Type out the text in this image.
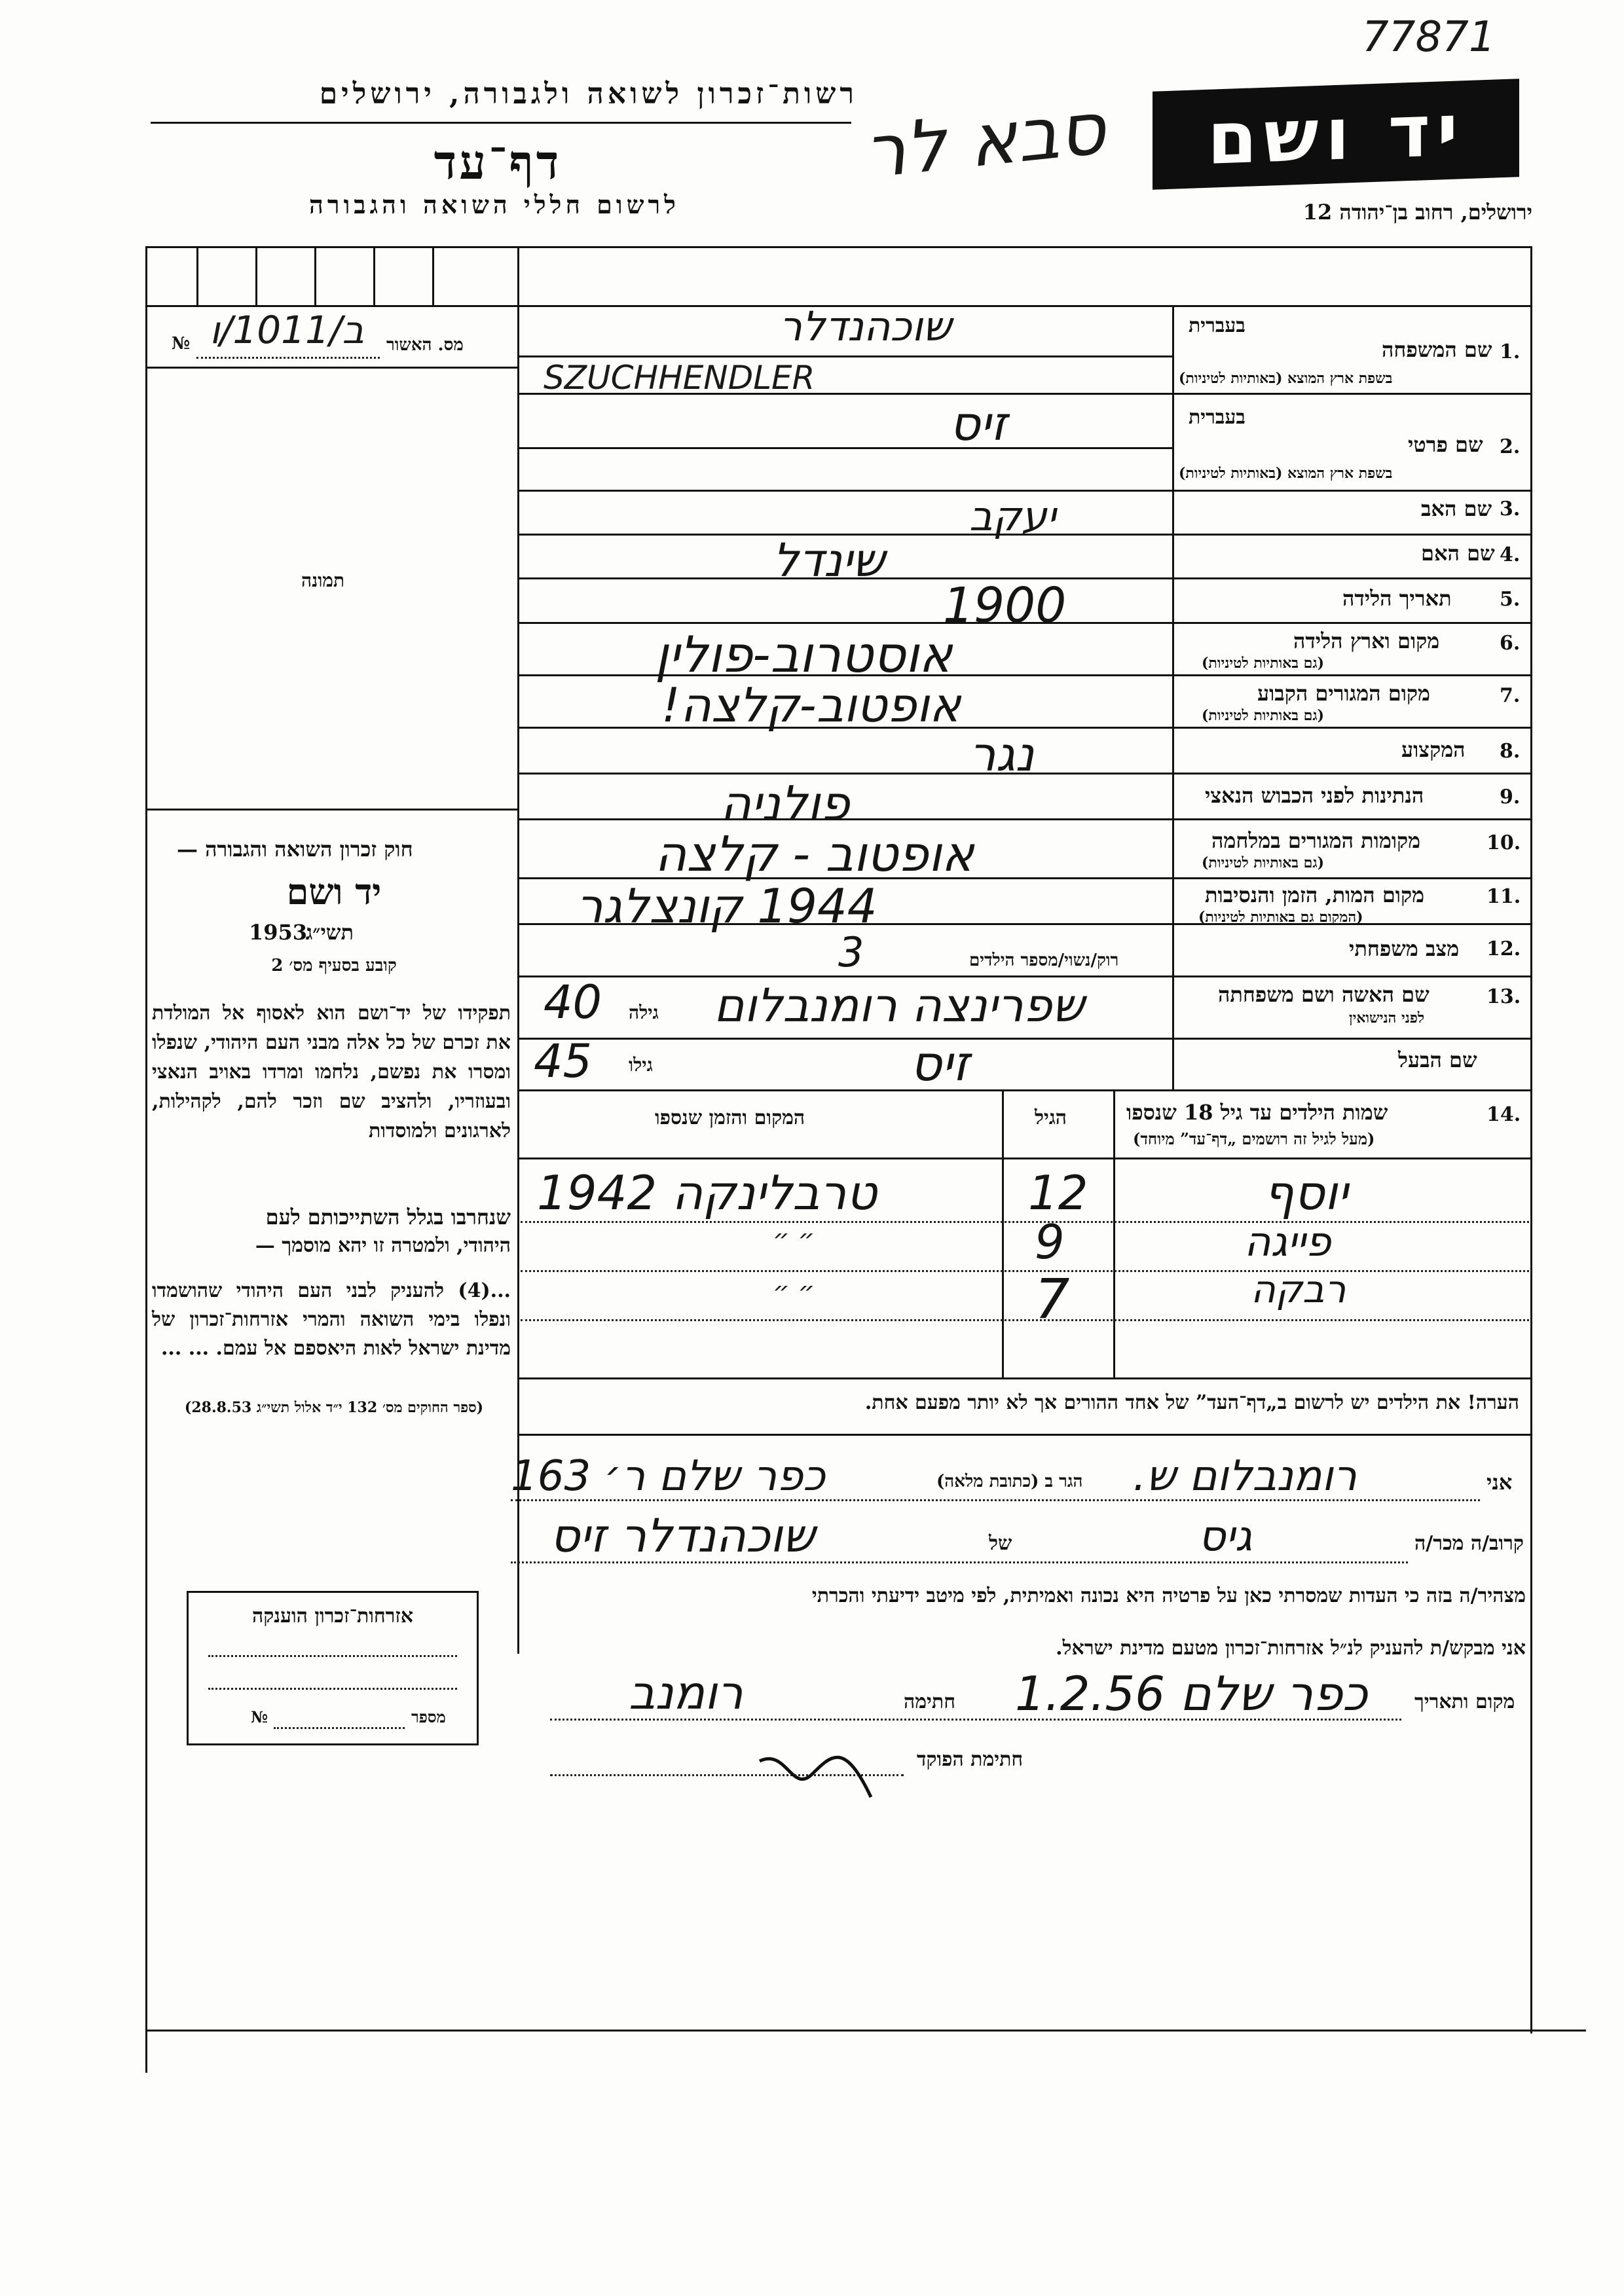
77871
רשות־זכרון לשואה ולגבורה, ירושלים
דף־עד
לרשום חללי השואה והגבורה
סבא לר	יד ושם
ירושלים, רחוב בן־יהודה 12
№ ב/1011/ו מס. האשור
תמונה
חוק זכרון השואה והגבורה —
יד ושם
תשי״ג
1953
קובע בסעיף מס׳ 2
תפקידו של יד־ושם הוא לאסוף אל המולדת את זכרם של כל אלה מבני העם היהודי, שנפלו ומסרו את נפשם, נלחמו ומרדו באויב הנאצי ובעוזריו, ולהציב שם וזכר להם, לקהילות, לארגונים ולמוסדות
שנחרבו בגלל השתייכותם לעם
היהודי, ולמטרה זו יהא מוסמך —
...(4) להעניק לבני העם היהודי שהושמדו ונפלו בימי השואה והמרי אזרחות־זכרון של מדינת ישראל לאות היאספם אל עמם. ... ...
(ספר החוקים מס׳ 132 י״ד אלול תשי״ג 28.8.53)
אזרחות־זכרון הוענקה
מספר
№
1.
שם המשפחה
בעברית
בשפת ארץ המוצא (באותיות לטיניות)
שוכהנדלר
SZUCHHENDLER
2.
שם פרטי
בעברית
בשפת ארץ המוצא (באותיות לטיניות)
זיס
3.
שם האב
יעקב
4.
שם האם
שינדל
5.
תאריך הלידה
1900
6.
מקום וארץ הלידה
(גם באותיות לטיניות)
אוסטרוב-פולין
7.
מקום המגורים הקבוע
(גם באותיות לטיניות)
אופטוב-קלצה!
8.
המקצוע
נגר
9.
הנתינות לפני הכבוש הנאצי
פולניה
10.
מקומות המגורים במלחמה
(גם באותיות לטיניות)
אופטוב - קלצה
11.
מקום המות, הזמן והנסיבות
(המקום גם באותיות לטיניות)
1944 קונצלגר
12.
מצב משפחתי
רוק/נשוי/מספר הילדים
3
13.
שם האשה ושם משפחתה
לפני הנישואין
גילה
40 שפרינצה רומנבלום
שם הבעל
גילו
45	זיס
14.
שמות הילדים עד גיל 18 שנספו
(מעל לגיל זה רושמים „דף־עד” מיוחד)
הגיל
המקום והזמן שנספו
יוסף
12
טרבלינקה 1942
פייגה
9
״ ״
רבקה
7
״ ״
הערה! את הילדים יש לרשום ב„דף־העד” של אחד ההורים אך לא יותר מפעם אחת.
אני
רומנבלום ש.
הגר ב (כתובת מלאה)
כפר שלם ר׳ 163
קרוב/ה מכר/ה
גיס
של
שוכהנדלר זיס
מצהיר/ה בזה כי העדות שמסרתי כאן על פרטיה היא נכונה ואמיתית, לפי מיטב ידיעתי והכרתי
אני מבקש/ת להעניק לנ״ל אזרחות־זכרון מטעם מדינת ישראל.
מקום ותאריך
כפר שלם 1.2.56
חתימה
רומנב
חתימת הפוקד
